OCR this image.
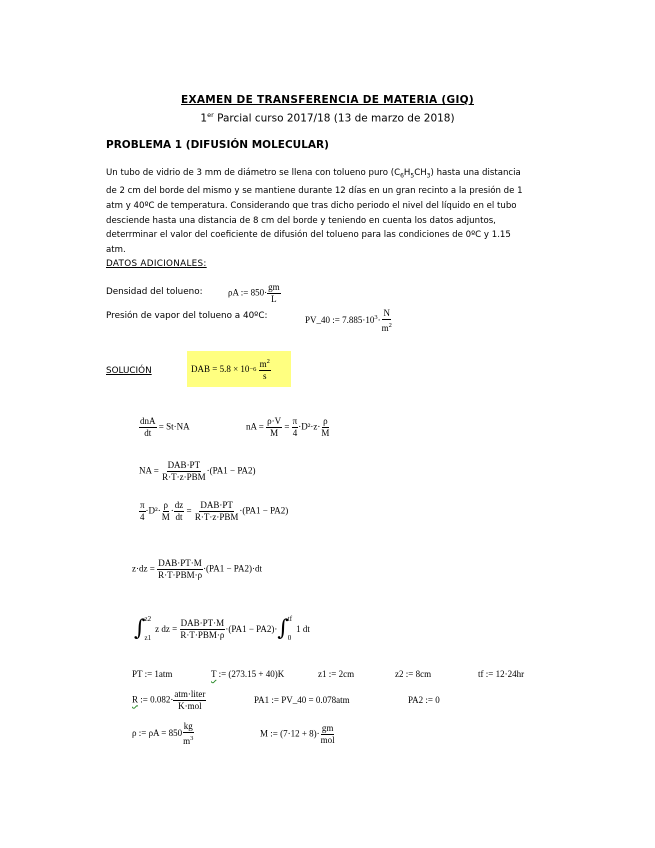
EXAMEN DE TRANSFERENCIA DE MATERIA (GIQ)
1er Parcial curso 2017/18 (13 de marzo de 2018)
PROBLEMA 1 (DIFUSIÓN MOLECULAR)
Un tubo de vidrio de 3 mm de diámetro se llena con tolueno puro $(C_6H_5CH_3)$ hasta una distancia de 2 cm del borde del mismo y se mantiene durante 12 días en un gran recinto a la presión de 1 atm y 40ºC de temperatura. Considerando que tras dicho periodo el nivel del líquido en el tubo desciende hasta una distancia de 8 cm del borde y teniendo en cuenta los datos adjuntos, deterrminar el valor del coeficiente de difusión del tolueno para las condiciones de 0ºC y 1.15 atm.
DATOS ADICIONALES:
Densidad del tolueno:	ρA := $850\cdot \frac{gm}{L}$
Presión de vapor del tolueno a 40ºC:	PV_40 := $7.885\cdot 10^3\cdot \frac{N}{m^2}$
SOLUCIÓN	DAB = 5.8 × 10 −6
$\frac{m^2}{s}$
$\frac{\text{dnA}}{dt} = St\cdot NA$	nA = $\frac{\rho\cdot V}{M} = \frac{\pi}{4} \cdot D^2\cdot z\cdot \frac{\rho}{M}$
NA = $\frac{\text{DAB·PT}}{\text{R·T·z·PBM}} \cdot(PA1 - PA2)$
$\frac{\pi}{4} \cdot D^2\cdot \frac{\rho}{M} \cdot \frac{dz}{dt} = \frac{\text{DAB·PT}}{\text{R·T·z·PBM}} \cdot(PA1 - PA2)$
$z\cdot dz = \frac{\text{DAB·PT·M}}{\text{R·T·PBM·ρ}} \cdot(PA1 - PA2)\cdot dt$
∫ z2
z1
z dz =
$\frac{\text{DAB·PT·M}}{\text{R·T·PBM·ρ}} \cdot(PA1 - PA2)\cdot$ ∫ tf
0
1 dt
PT := 1atm	T := (273.15 + 40)K	z1 := 2cm	z2 := 8cm	tf := 12·24hr
R := $0.082\cdot \frac{\text{atm·liter}}{\text{K·mol}}$	PA1 := PV_40 = 0.078atm	PA2 := 0
ρ := $\rho A = 850 \frac{kg}{m^3}$	M := $(7\cdot 12 + 8)\cdot \frac{gm}{\text{mol}}$
